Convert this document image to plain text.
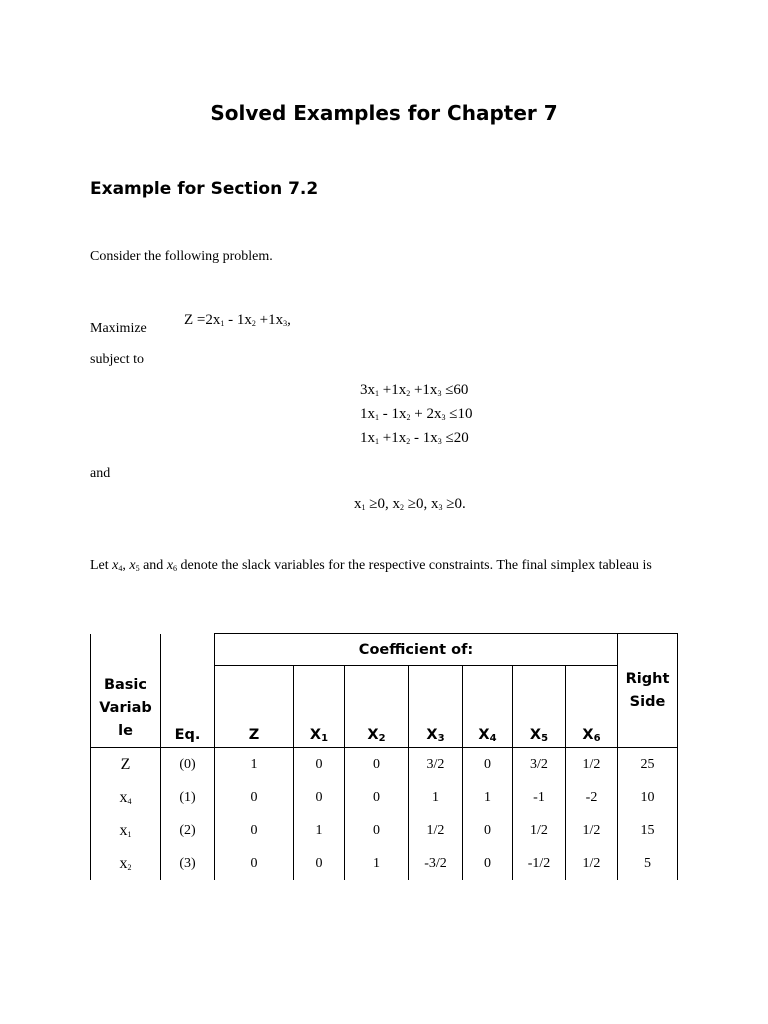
Solved Examples for Chapter 7
Example for Section 7.2
Consider the following problem.
Maximize
$Z =2x_1 - 1x_2 +1x_3$,
subject to
$3x_1 +1x_2 +1x_3 \le 60$
$1x_1 - 1x_2 + 2x_3 \le 10$
$1x_1 +1x_2 - 1x_3 \le 20$
and
$x_1 \ge 0$, $x_2 \ge 0$, $x_3 \ge 0$.
Let $x_4$, $x_5$ and $x_6$ denote the slack variables for the respective constraints. The final simplex tableau is
Basic Variab le	Eq.	Coefficient of:							Right Side
		Z	X1	X2	X3	X4	X5	X6	
Z	(0)	1	0	0	3/2	0	3/2	1/2	25
$x_4$	(1)	0	0	0	1	1	-1	-2	10
$x_1$	(2)	0	1	0	1/2	0	1/2	1/2	15
$x_2$	(3)	0	0	1	-3/2	0	-1/2	1/2	5
